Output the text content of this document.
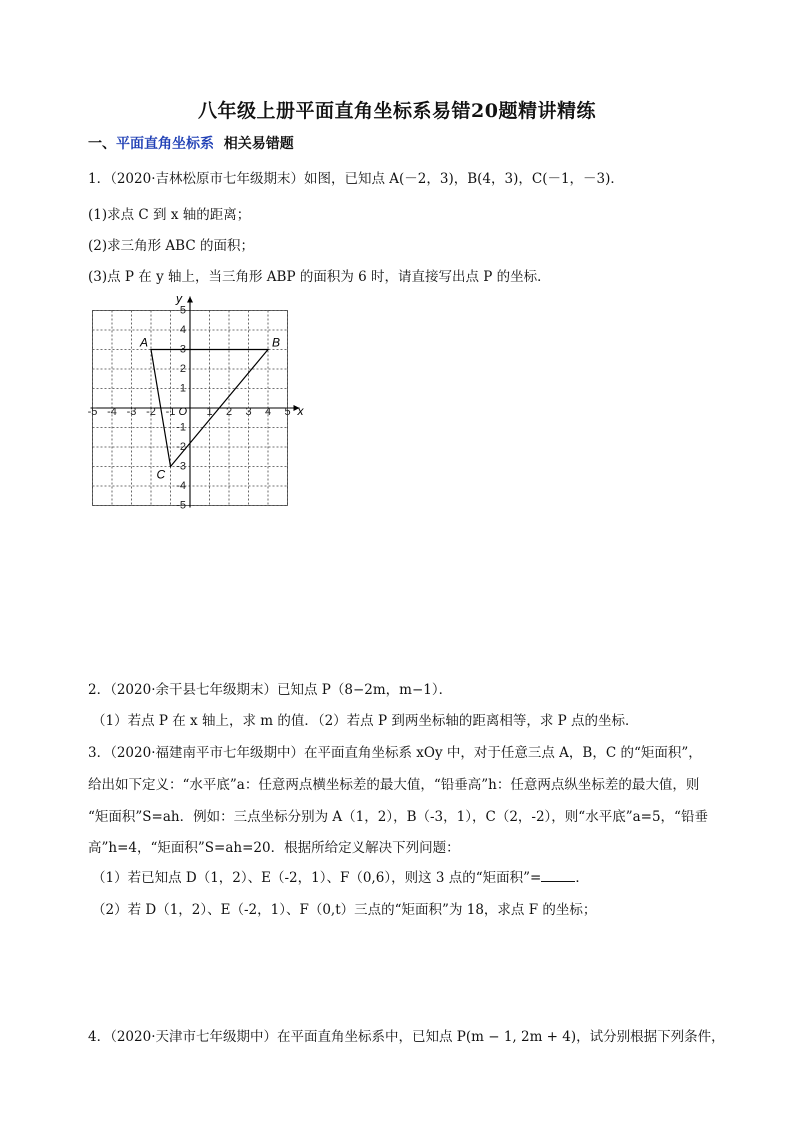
八年级上册平面直角坐标系易错20题精讲精练
一、平面直角坐标系 相关易错题
1．（2020·吉林松原市七年级期末）如图，已知点 A(－2，3)，B(4，3)，C(－1，－3)．
(1)求点 C 到 x 轴的距离；
(2)求三角形 ABC 的面积；
(3)点 P 在 y 轴上，当三角形 ABP 的面积为 6 时，请直接写出点 P 的坐标．
x
y
-5 -4 -3 -2 -1	1 2 3 4 5
5
4
3
2
1
-1
-2
-3
-4
-5
O
A	B
C
2．（2020·余干县七年级期末）已知点 P（8−2m，m−1）．
（1）若点 P 在 x 轴上，求 m 的值．（2）若点 P 到两坐标轴的距离相等，求 P 点的坐标．
3．（2020·福建南平市七年级期中）在平面直角坐标系 xOy 中，对于任意三点 A，B，C 的“矩面积”，
给出如下定义：“水平底”a：任意两点横坐标差的最大值，“铅垂高”h：任意两点纵坐标差的最大值，则
“矩面积”S=ah．例如：三点坐标分别为 A（1，2），B（-3，1），C（2，-2），则“水平底”a=5，“铅垂
高”h=4，“矩面积”S=ah=20．根据所给定义解决下列问题：
（1）若已知点 D（1，2）、E（-2，1）、F（0,6），则这 3 点的“矩面积”=	．
（2）若 D（1，2）、E（-2，1）、F（0,t）三点的“矩面积”为 18，求点 F 的坐标；
4．（2020·天津市七年级期中）在平面直角坐标系中，已知点 P(m − 1, 2m + 4)，试分别根据下列条件，
